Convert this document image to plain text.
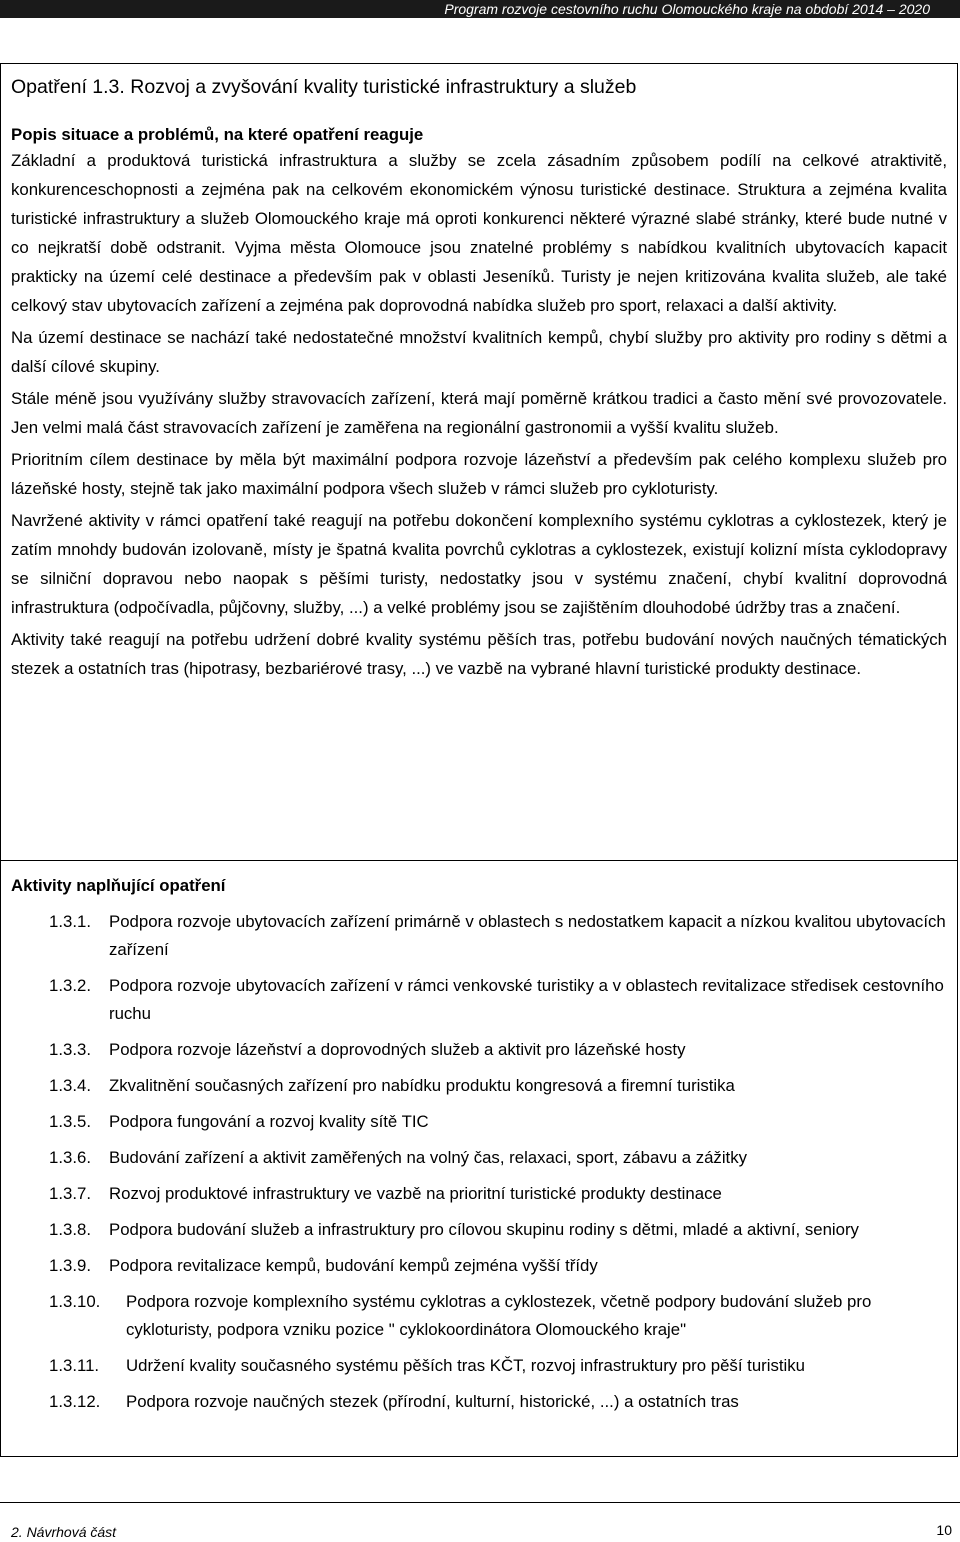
Program rozvoje cestovního ruchu Olomouckého kraje na období 2014 – 2020
Opatření 1.3. Rozvoj a zvyšování kvality turistické infrastruktury a služeb
Popis situace a problémů, na které opatření reaguje

Základní a produktová turistická infrastruktura a služby se zcela zásadním způsobem podílí na celkové atraktivitě, konkurenceschopnosti a zejména pak na celkovém ekonomickém výnosu turistické destinace. Struktura a zejména kvalita turistické infrastruktury a služeb Olomouckého kraje má oproti konkurenci některé výrazné slabé stránky, které bude nutné v co nejkratší době odstranit. Vyjma města Olomouce jsou znatelné problémy s nabídkou kvalitních ubytovacích kapacit prakticky na území celé destinace a především pak v oblasti Jeseníků. Turisty je nejen kritizována kvalita služeb, ale také celkový stav ubytovacích zařízení a zejména pak doprovodná nabídka služeb pro sport, relaxaci a další aktivity.

Na území destinace se nachází také nedostatečné množství kvalitních kempů, chybí služby pro aktivity pro rodiny s dětmi a další cílové skupiny.

Stále méně jsou využívány služby stravovacích zařízení, která mají poměrně krátkou tradici a často mění své provozovatele. Jen velmi malá část stravovacích zařízení je zaměřena na regionální gastronomii a vyšší kvalitu služeb.

Prioritním cílem destinace by měla být maximální podpora rozvoje lázeňství a především pak celého komplexu služeb pro lázeňské hosty, stejně tak jako maximální podpora všech služeb v rámci služeb pro cykloturisty.

Navržené aktivity v rámci opatření také reagují na potřebu dokončení komplexního systému cyklotras a cyklostezek, který je zatím mnohdy budován izolovaně, místy je špatná kvalita povrchů cyklotras a cyklostezek, existují kolizní místa cyklodopravy se silniční dopravou nebo naopak s pěšími turisty, nedostatky jsou v systému značení, chybí kvalitní doprovodná infrastruktura (odpočívadla, půjčovny, služby, ...) a velké problémy jsou se zajištěním dlouhodobé údržby tras a značení.

Aktivity také reagují na potřebu udržení dobré kvality systému pěších tras, potřebu budování nových naučných tématických stezek a ostatních tras (hipotrasy, bezbariérové trasy, ...) ve vazbě na vybrané hlavní turistické produkty destinace.

Aktivity naplňující opatření
1.3.1.	Podpora rozvoje ubytovacích zařízení primárně v oblastech s nedostatkem kapacit a nízkou kvalitou ubytovacích zařízení
1.3.2.	Podpora rozvoje ubytovacích zařízení v rámci venkovské turistiky a v oblastech revitalizace středisek cestovního ruchu
1.3.3.	Podpora rozvoje lázeňství a doprovodných služeb a aktivit pro lázeňské hosty
1.3.4.	Zkvalitnění současných zařízení pro nabídku produktu kongresová a firemní turistika
1.3.5.	Podpora fungování a rozvoj kvality sítě TIC
1.3.6.	Budování zařízení a aktivit zaměřených na volný čas, relaxaci, sport, zábavu a zážitky
1.3.7.	Rozvoj produktové infrastruktury ve vazbě na prioritní turistické produkty destinace
1.3.8.	Podpora budování služeb a infrastruktury pro cílovou skupinu rodiny s dětmi, mladé a aktivní, seniory
1.3.9.	Podpora revitalizace kempů, budování kempů zejména vyšší třídy
1.3.10.	Podpora rozvoje komplexního systému cyklotras a cyklostezek, včetně podpory budování služeb pro cykloturisty, podpora vzniku pozice " cyklokoordinátora Olomouckého kraje"
1.3.11.	Udržení kvality současného systému pěších tras KČT, rozvoj infrastruktury pro pěší turistiku
1.3.12.	Podpora rozvoje naučných stezek (přírodní, kulturní, historické, ...) a ostatních tras
2. Návrhová část	10
